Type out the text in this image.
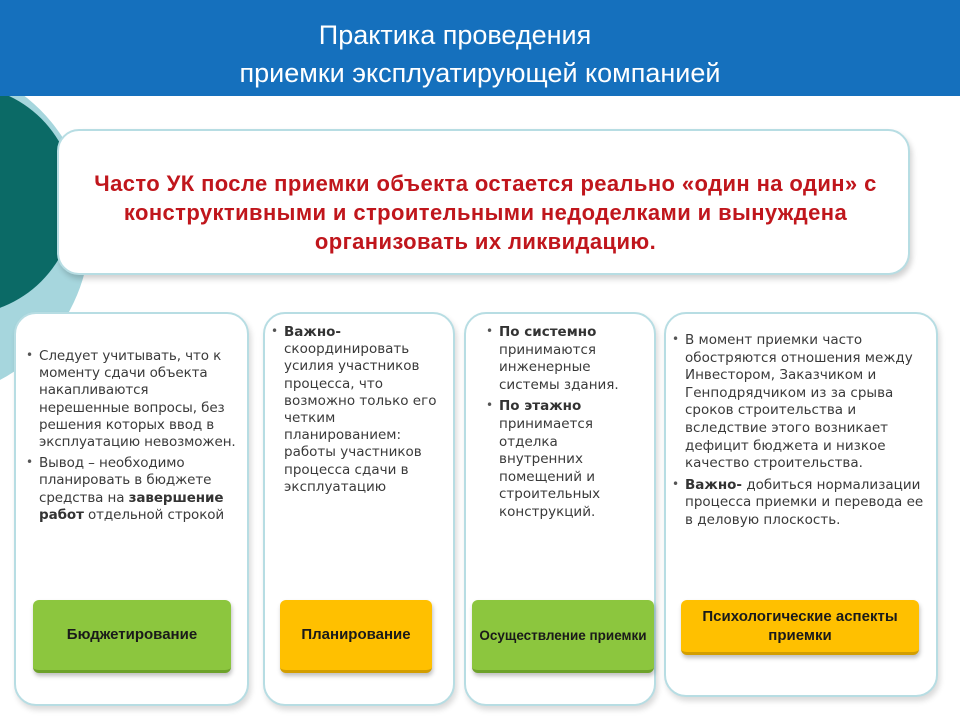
Практика проведения
приемки эксплуатирующей компанией

Часто УК после приемки объекта остается реально «один на один» с конструктивными и строительными недоделками и вынуждена организовать их ликвидацию.

• Следует учитывать, что к моменту сдачи объекта накапливаются нерешенные вопросы, без решения которых ввод в эксплуатацию невозможен.
• Вывод – необходимо планировать в бюджете средства на завершение работ отдельной строкой
• Важно- скоординировать усилия участников процесса, что возможно только его четким планированием: работы участников процесса сдачи в эксплуатацию
• По системно принимаются инженерные системы здания.
• По этажно принимается отделка внутренних помещений и строительных конструкций.
• В момент приемки часто обостряются отношения между Инвестором, Заказчиком и Генподрядчиком из за срыва сроков строительства и вследствие этого возникает дефицит бюджета и низкое качество строительства.
• Важно- добиться нормализации процесса приемки и перевода ее в деловую плоскость.
Бюджетирование	Планирование	Осуществление приемки
Психологические аспекты приемки
